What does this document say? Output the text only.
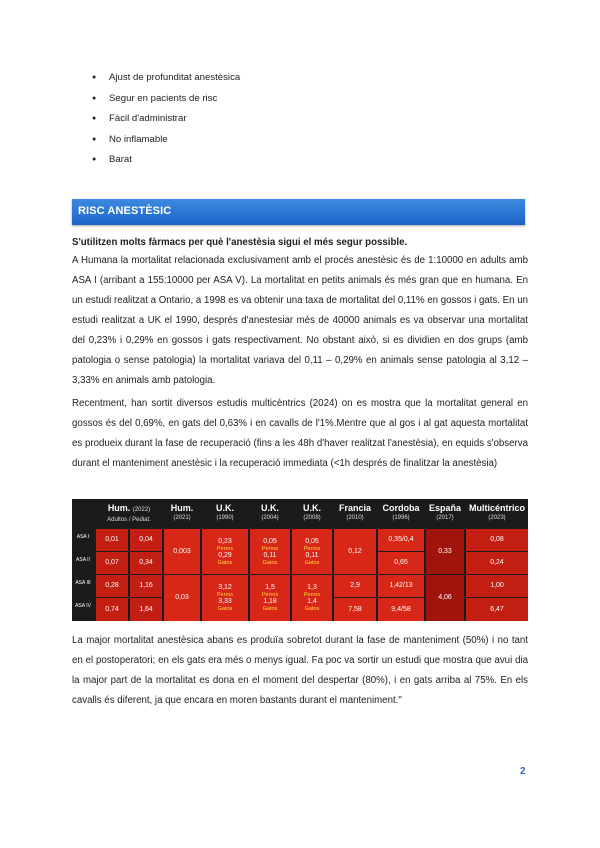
● Ajust de profunditat anestèsica
● Segur en pacients de risc
● Fàcil d'administrar
● No inflamable
● Barat
RISC ANESTÈSIC

S'utilitzen molts fàrmacs per què l'anestèsia sigui el més segur possible.

A Humana la mortalitat relacionada exclusivament amb el procés anestèsic és de 1:10000 en adults amb ASA I (arribant a 155:10000 per ASA V). La mortalitat en petits animals és més gran que en humana. En un estudi realitzat a Ontario, a 1998 es va obtenir una taxa de mortalitat del 0,11% en gossos i gats. En un estudi realitzat a UK el 1990, després d'anestesiar més de 40000 animals es va observar una mortalitat del 0,23% i 0,29% en gossos i gats respectivament. No obstant això, si es dividien en dos grups (amb patologia o sense patologia) la mortalitat variava del 0,11 – 0,29% en animals sense patologia al 3,12 – 3,33% en animals amb patologia.

Recentment, han sortit diversos estudis multicèntrics (2024) on es mostra que la mortalitat general en gossos és del 0,69%, en gats del 0,63% i en cavalls de l'1%.Mentre que al gos i al gat aquesta mortalitat es produeix durant la fase de recuperació (fins a les 48h d'haver realitzat l'anestèsia), en equids s'observa durant el manteniment anestèsic i la recuperació immediata (<1h després de finalitzar la anestèsia)

Hum. (2022)
Adultos / Pediat.
Hum.
(2021)
U.K.
(1990)
U.K.
(2004)
U.K.
(2008)
Francia
(2010)
Cordoba
(1996)
España
(2017)
Multicéntrico
(2023)
ASA I
ASA II
ASA III
ASA IV
0,01
0,07
0,28
0,74
0,04
0,34
1,16
1,64
0,003
0,03
0,23
Perros
0,29
Gatos
3,12
Perros
3,33
Gatos
0,05
Perros
0,11
Gatos
1,5
Perros
1,18
Gatos
0,05
Perros
0,11
Gatos
1,3
Perros
1,4
Gatos
0,12
2,9
7,58
0,35/0,4
0,65
1,42/13
9,4/58
0,33
4,06
0,08
0,24
1,00
6,47

La major mortalitat anestèsica abans es produïa sobretot durant la fase de manteniment (50%) i no tant en el postoperatori; en els gats era més o menys igual. Fa poc va sortir un estudi que mostra que avui dia la major part de la mortalitat es dona en el moment del despertar (80%), i en gats arriba al 75%. En els cavalls és diferent, ja que encara en moren bastants durant el manteniment."

2
